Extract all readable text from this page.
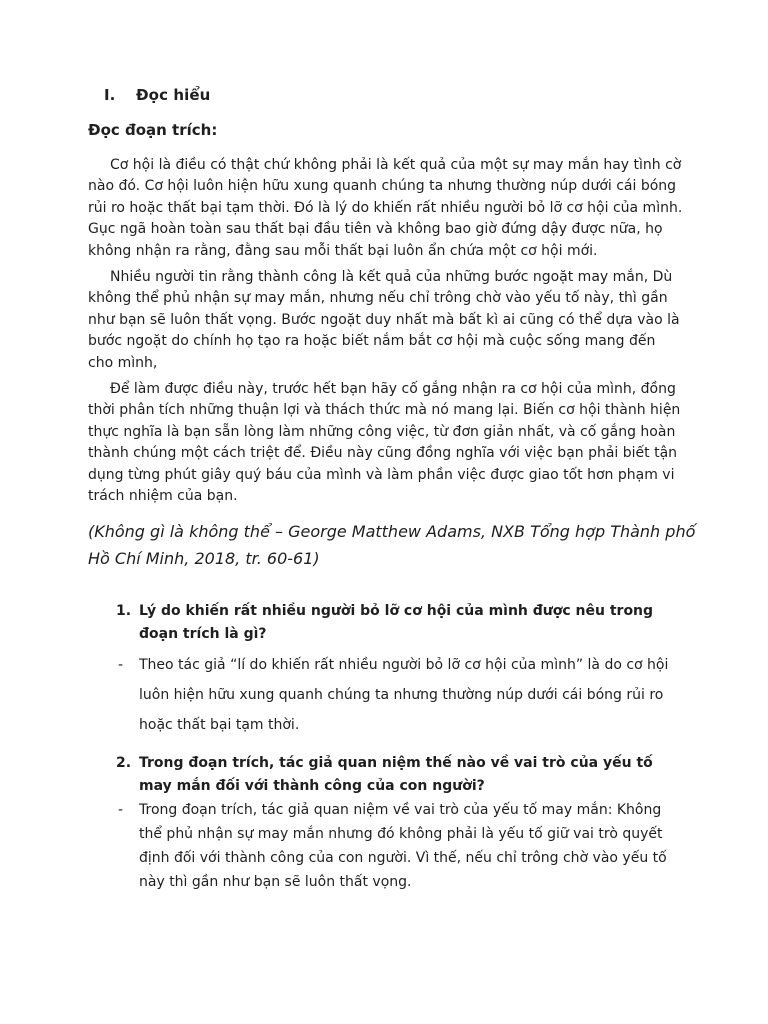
I. Đọc hiểu
Đọc đoạn trích:

Cơ hội là điều có thật chứ không phải là kết quả của một sự may mắn hay tình cờ nào đó. Cơ hội luôn hiện hữu xung quanh chúng ta nhưng thường núp dưới cái bóng rủi ro hoặc thất bại tạm thời. Đó là lý do khiến rất nhiều người bỏ lỡ cơ hội của mình. Gục ngã hoàn toàn sau thất bại đầu tiên và không bao giờ đứng dậy được nữa, họ không nhận ra rằng, đằng sau mỗi thất bại luôn ẩn chứa một cơ hội mới.

Nhiều người tin rằng thành công là kết quả của những bước ngoặt may mắn, Dù không thể phủ nhận sự may mắn, nhưng nếu chỉ trông chờ vào yếu tố này, thì gần như bạn sẽ luôn thất vọng. Bước ngoặt duy nhất mà bất kì ai cũng có thể dựa vào là bước ngoặt do chính họ tạo ra hoặc biết nắm bắt cơ hội mà cuộc sống mang đến cho mình,

Để làm được điều này, trước hết bạn hãy cố gắng nhận ra cơ hội của mình, đồng thời phân tích những thuận lợi và thách thức mà nó mang lại. Biến cơ hội thành hiện thực nghĩa là bạn sẵn lòng làm những công việc, từ đơn giản nhất, và cố gắng hoàn thành chúng một cách triệt để. Điều này cũng đồng nghĩa với việc bạn phải biết tận dụng từng phút giây quý báu của mình và làm phần việc được giao tốt hơn phạm vi trách nhiệm của bạn.

(Không gì là không thể – George Matthew Adams, NXB Tổng hợp Thành phố Hồ Chí Minh, 2018, tr. 60-61)

1. Lý do khiến rất nhiều người bỏ lỡ cơ hội của mình được nêu trong đoạn trích là gì?
-	Theo tác giả “lí do khiến rất nhiều người bỏ lỡ cơ hội của mình” là do cơ hội luôn hiện hữu xung quanh chúng ta nhưng thường núp dưới cái bóng rủi ro hoặc thất bại tạm thời.
2. Trong đoạn trích, tác giả quan niệm thế nào về vai trò của yếu tố may mắn đối với thành công của con người?
-	Trong đoạn trích, tác giả quan niệm về vai trò của yếu tố may mắn: Không thể phủ nhận sự may mắn nhưng đó không phải là yếu tố giữ vai trò quyết định đối với thành công của con người. Vì thế, nếu chỉ trông chờ vào yếu tố này thì gần như bạn sẽ luôn thất vọng.
